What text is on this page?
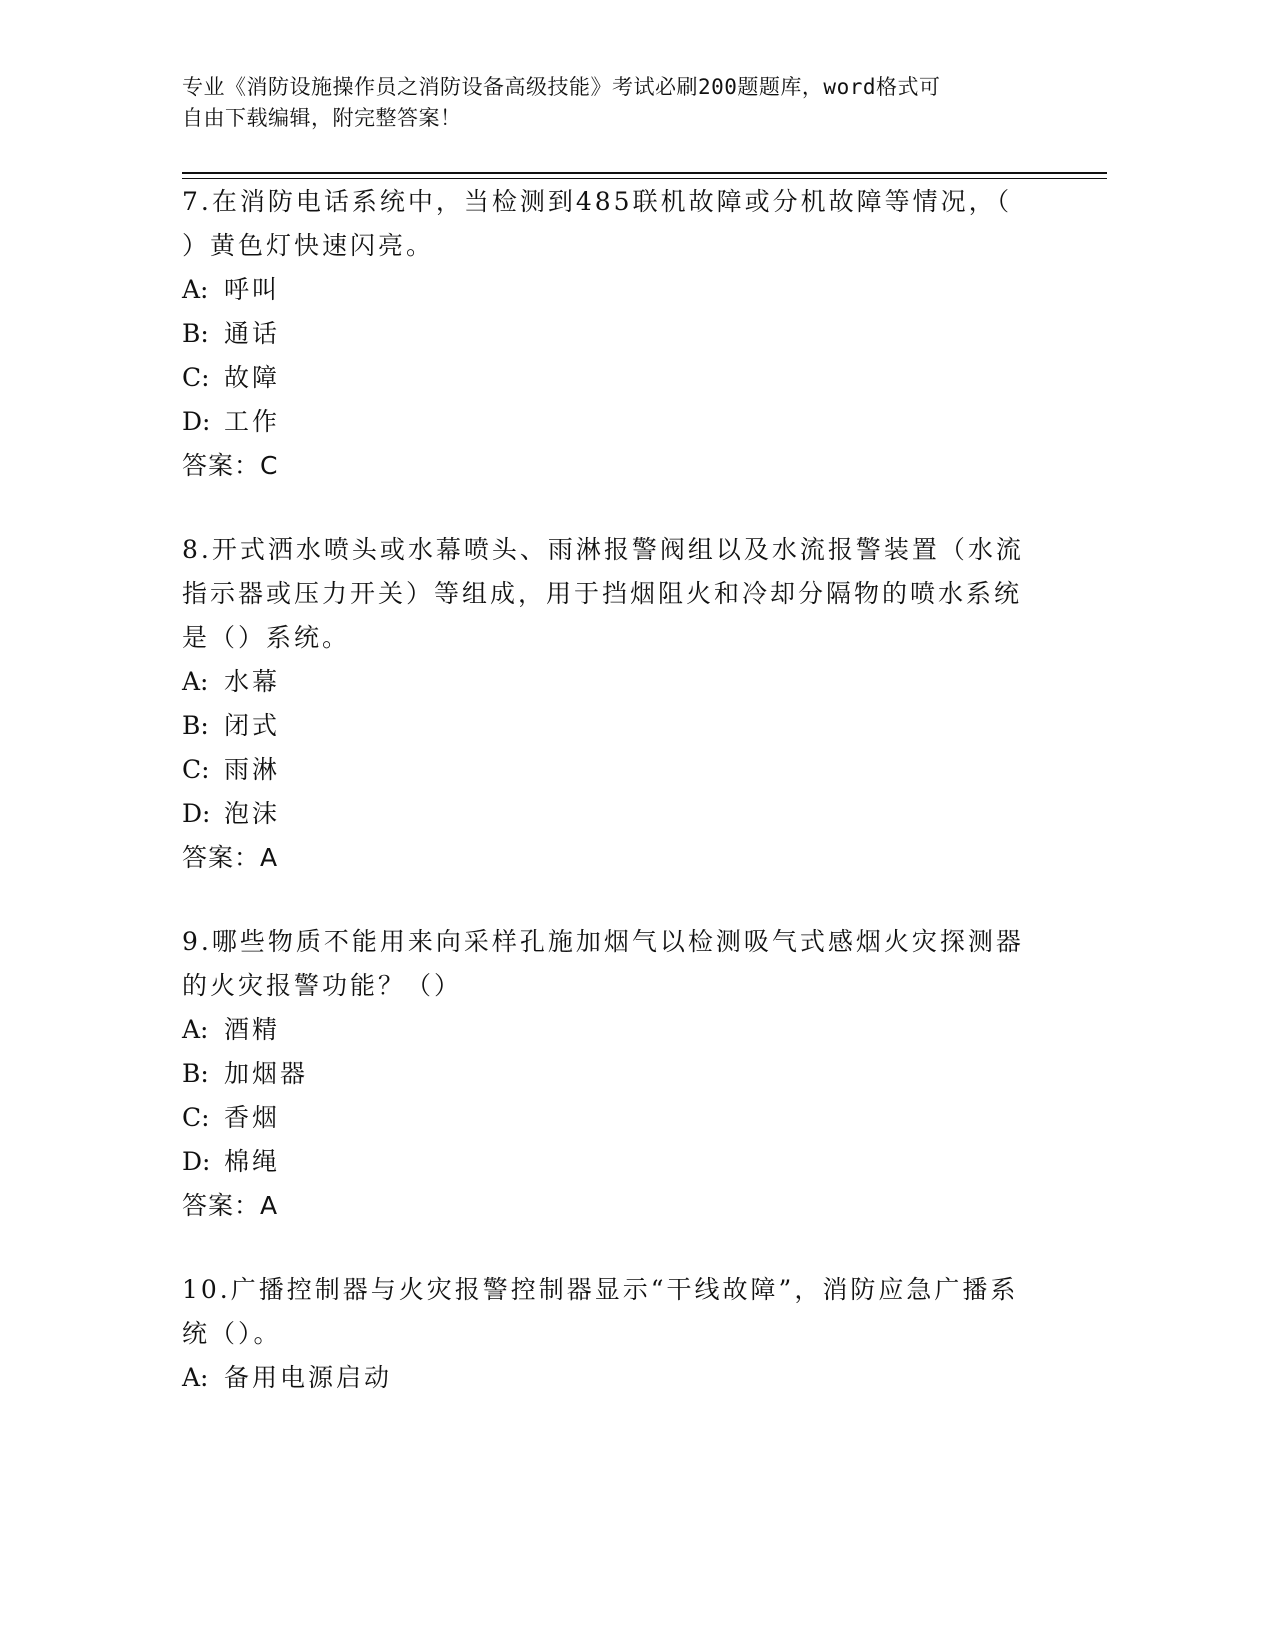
专业《消防设施操作员之消防设备高级技能》考试必刷200题题库，word格式可
自由下载编辑，附完整答案！

7.在消防电话系统中，当检测到485联机故障或分机故障等情况，（

）黄色灯快速闪亮。

A: 呼叫

B: 通话

C: 故障

D: 工作

答案：C

8.开式洒水喷头或水幕喷头、雨淋报警阀组以及水流报警装置（水流

指示器或压力开关）等组成，用于挡烟阻火和冷却分隔物的喷水系统

是（）系统。

A: 水幕

B: 闭式

C: 雨淋

D: 泡沫

答案：A

9.哪些物质不能用来向采样孔施加烟气以检测吸气式感烟火灾探测器

的火灾报警功能？（）

A: 酒精

B: 加烟器

C: 香烟

D: 棉绳

答案：A

10.广播控制器与火灾报警控制器显示“干线故障”，消防应急广播系

统（）。

A: 备用电源启动
